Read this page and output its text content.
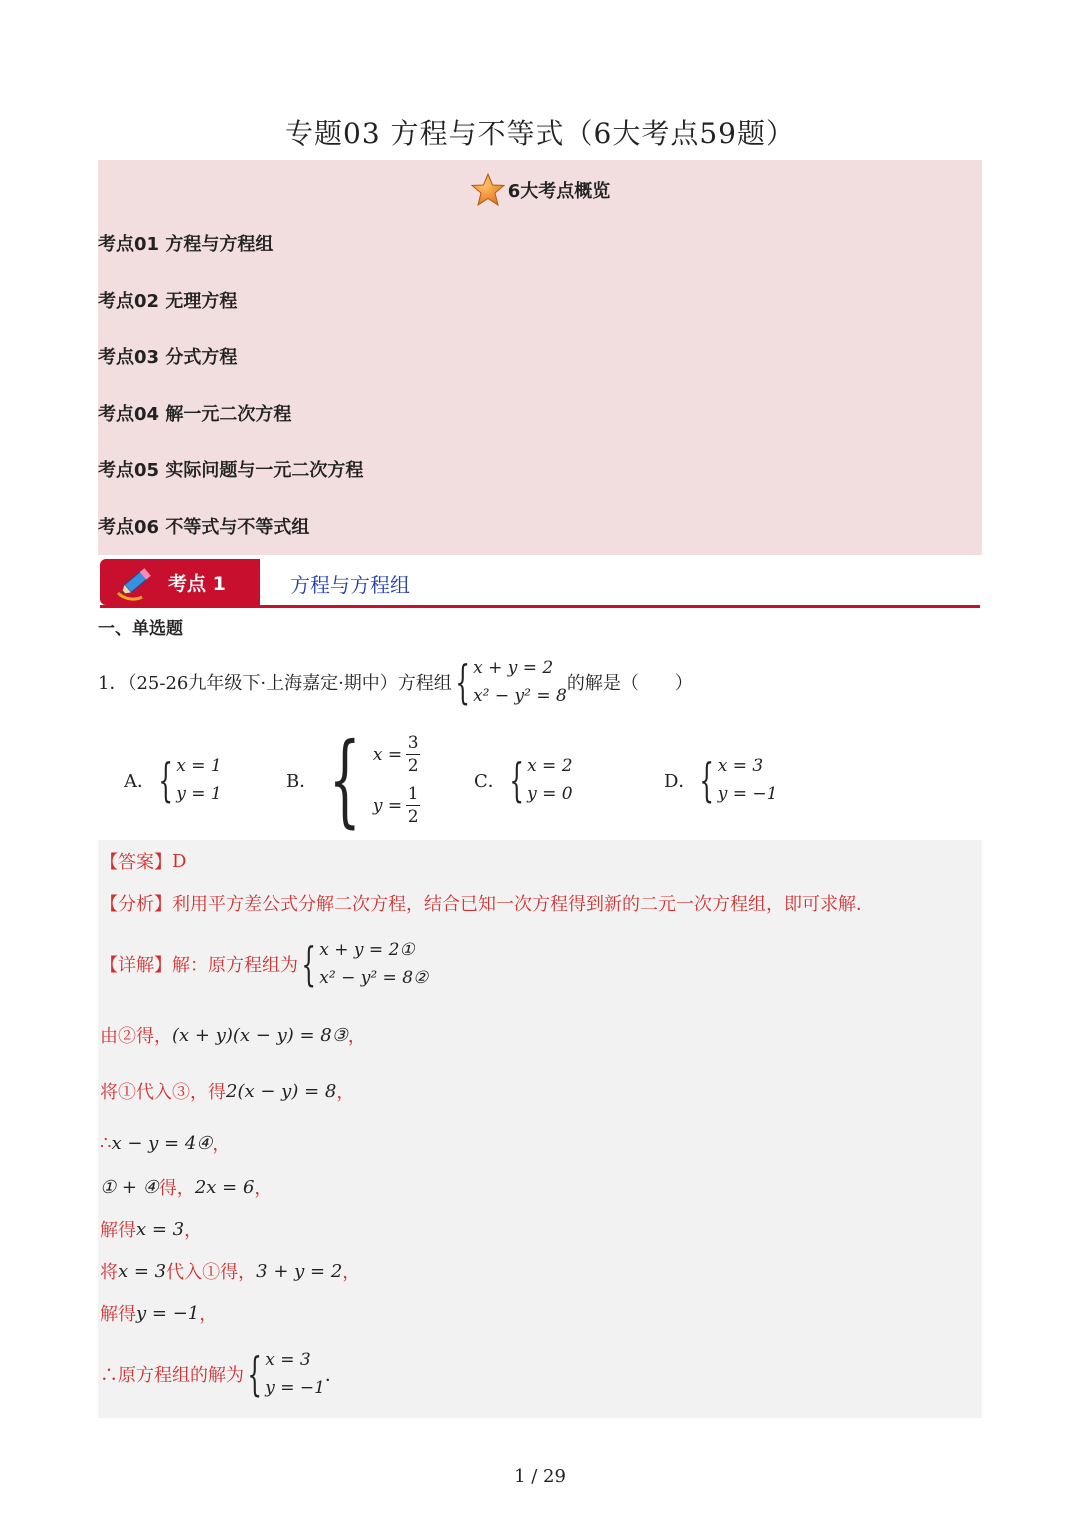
专题03 方程与不等式（6大考点59题）
6大考点概览
考点01 方程与方程组
考点02 无理方程
考点03 分式方程
考点04 解一元二次方程
考点05 实际问题与一元二次方程
考点06 不等式与不等式组
考点 1	方程与方程组
一、单选题
1．（25-26九年级下·上海嘉定·期中）方程组 { x + y = 2
x² − y² = 8
的解是（　　）
A． { x = 1
y = 1
B． { $x = \frac{3}{2}$
$y = \frac{1}{2}$
C． { x = 2
y = 0
D． { x = 3
y = −1
【答案】 D
【分析】 利用平方差公式分解二次方程，结合已知一次方程得到新的二元一次方程组，即可求解．
【详解】 解：原方程组为 { x + y = 2①
x² − y² = 8②
由②得， (x + y)(x − y) = 8③ ，
将①代入③，得 2(x − y) = 8 ，
∴ x − y = 4④ ，
① + ④ 得， 2x = 6 ，
解得 x = 3 ，
将 x = 3 代入①得， 3 + y = 2 ，
解得 y = −1 ，
∴原方程组的解为 { x = 3
y = −1
．
1 / 29
